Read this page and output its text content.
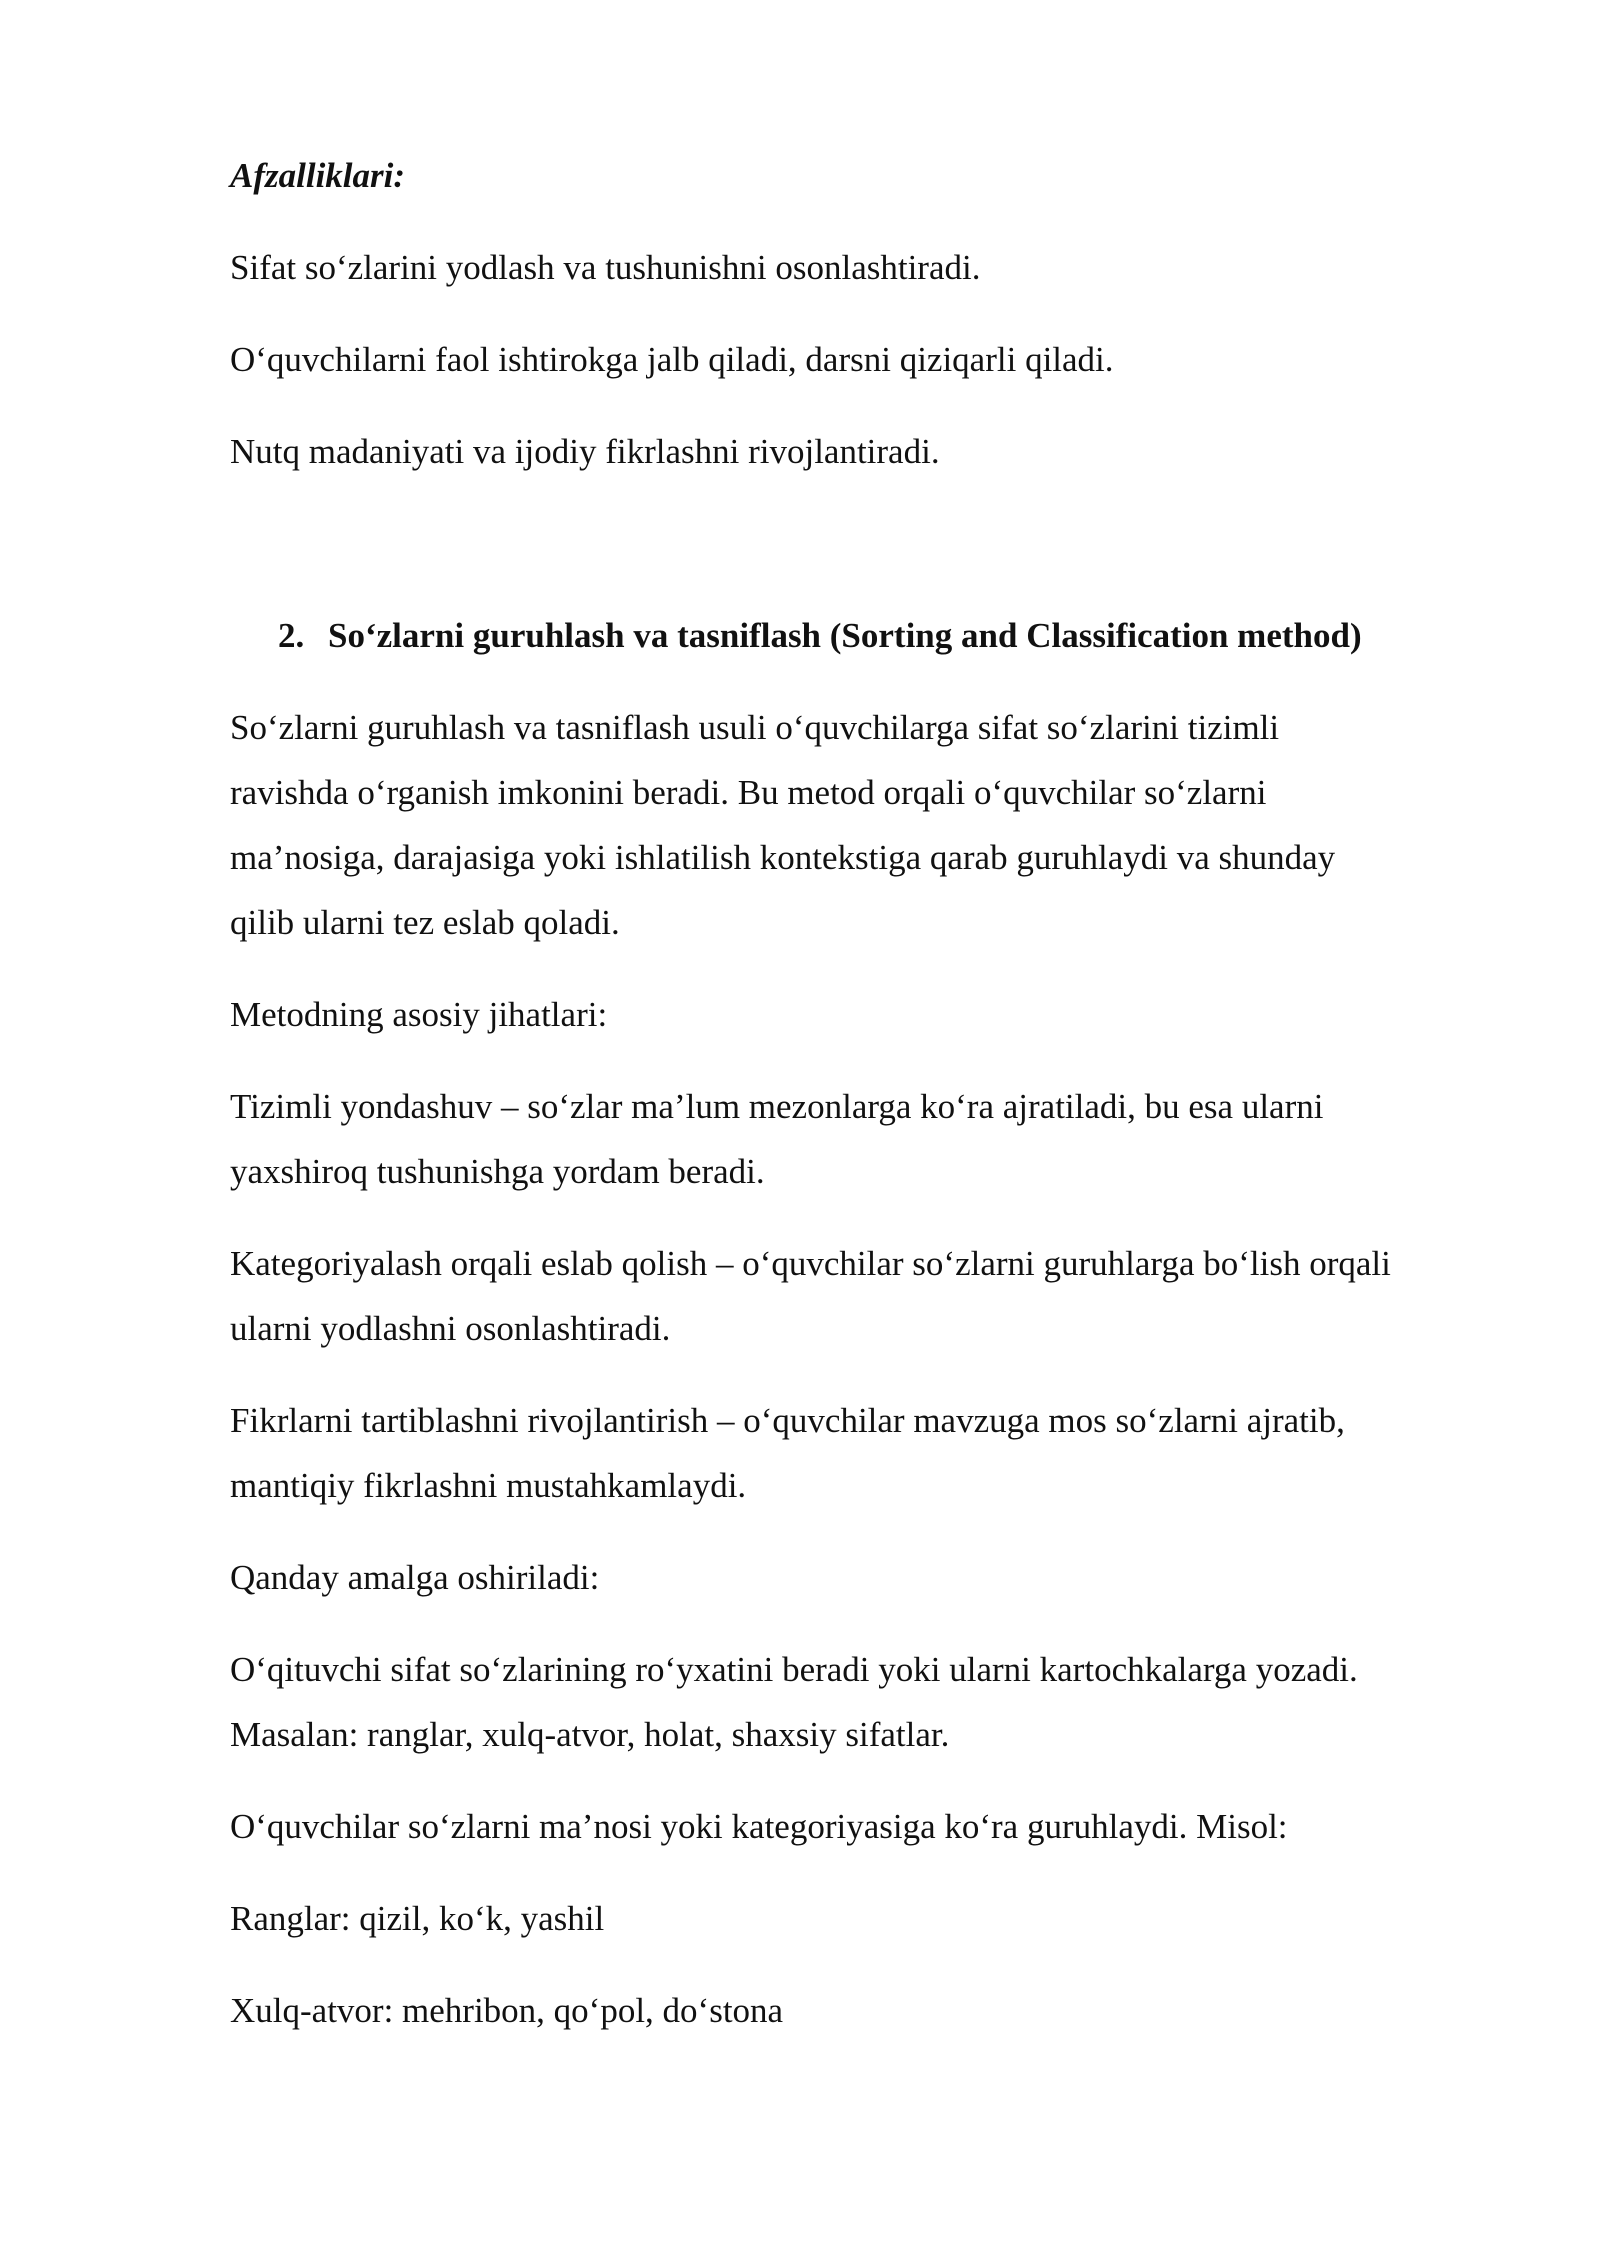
Afzalliklari:
Sifat so‘zlarini yodlash va tushunishni osonlashtiradi.
O‘quvchilarni faol ishtirokga jalb qiladi, darsni qiziqarli qiladi.
Nutq madaniyati va ijodiy fikrlashni rivojlantiradi.
2. So‘zlarni guruhlash va tasniflash (Sorting and Classification method)
So‘zlarni guruhlash va tasniflash usuli o‘quvchilarga sifat so‘zlarini tizimli
ravishda o‘rganish imkonini beradi. Bu metod orqali o‘quvchilar so‘zlarni
ma’nosiga, darajasiga yoki ishlatilish kontekstiga qarab guruhlaydi va shunday
qilib ularni tez eslab qoladi.
Metodning asosiy jihatlari:
Tizimli yondashuv – so‘zlar ma’lum mezonlarga ko‘ra ajratiladi, bu esa ularni
yaxshiroq tushunishga yordam beradi.
Kategoriyalash orqali eslab qolish – o‘quvchilar so‘zlarni guruhlarga bo‘lish orqali
ularni yodlashni osonlashtiradi.
Fikrlarni tartiblashni rivojlantirish – o‘quvchilar mavzuga mos so‘zlarni ajratib,
mantiqiy fikrlashni mustahkamlaydi.
Qanday amalga oshiriladi:
O‘qituvchi sifat so‘zlarining ro‘yxatini beradi yoki ularni kartochkalarga yozadi.
Masalan: ranglar, xulq-atvor, holat, shaxsiy sifatlar.
O‘quvchilar so‘zlarni ma’nosi yoki kategoriyasiga ko‘ra guruhlaydi. Misol:
Ranglar: qizil, ko‘k, yashil
Xulq-atvor: mehribon, qo‘pol, do‘stona
